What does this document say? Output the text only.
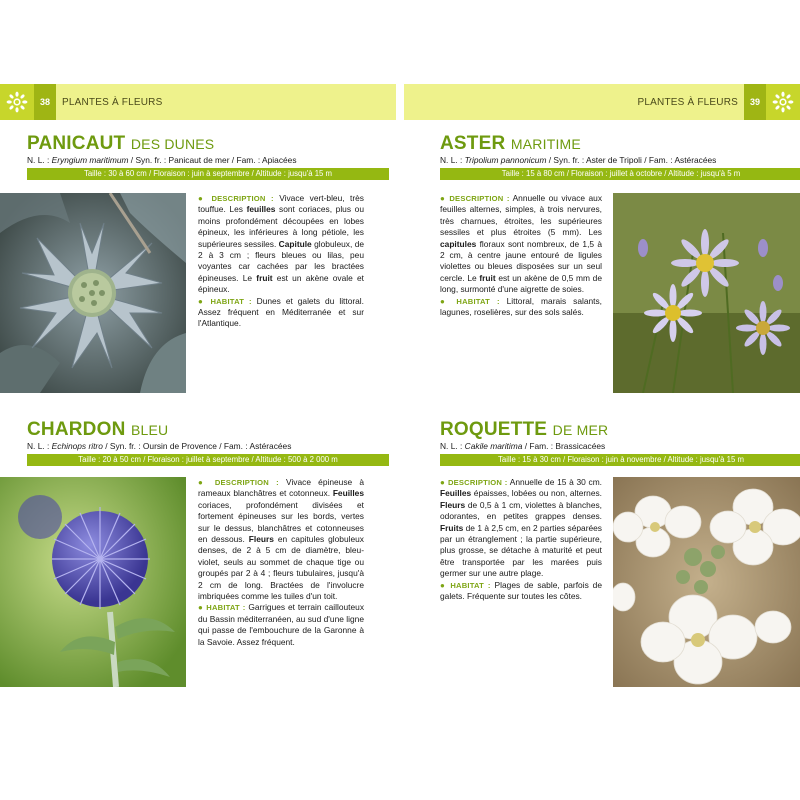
38	PLANTES À FLEURS	PLANTES À FLEURS	39
PANICAUT DES DUNES
N. L. : Eryngium maritimum / Syn. fr. : Panicaut de mer / Fam. : Apiacées
Taille : 30 à 60 cm / Floraison : juin à septembre / Altitude : jusqu'à 15 m

● DESCRIPTION : Vivace vert-bleu, très touffue. Les feuilles sont coriaces, plus ou moins profondément découpées en lobes épineux, les inférieures à long pétiole, les supérieures sessiles. Capitule globuleux, de 2 à 3 cm ; fleurs bleues ou lilas, peu voyantes car cachées par les bractées épineuses. Le fruit est un akène ovale et épineux.

● HABITAT : Dunes et galets du littoral. Assez fréquent en Méditerranée et sur l'Atlantique.

ASTER MARITIME
N. L. : Tripolium pannonicum / Syn. fr. : Aster de Tripoli / Fam. : Astéracées
Taille : 15 à 80 cm / Floraison : juillet à octobre / Altitude : jusqu'à 5 m

● DESCRIPTION : Annuelle ou vivace aux feuilles alternes, simples, à trois nervures, très charnues, étroites, les supérieures sessiles et plus étroites (5 mm). Les capitules floraux sont nombreux, de 1,5 à 2 cm, à centre jaune entouré de ligules violettes ou bleues disposées sur un seul cercle. Le fruit est un akène de 0,5 mm de long, surmonté d'une aigrette de soies.

● HABITAT : Littoral, marais salants, lagunes, roselières, sur des sols salés.

CHARDON BLEU
N. L. : Echinops ritro / Syn. fr. : Oursin de Provence / Fam. : Astéracées
Taille : 20 à 50 cm / Floraison : juillet à septembre / Altitude : 500 à 2 000 m

● DESCRIPTION : Vivace épineuse à rameaux blanchâtres et cotonneux. Feuilles coriaces, profondément divisées et fortement épineuses sur les bords, vertes sur le dessus, blanchâtres et cotonneuses en dessous. Fleurs en capitules globuleux denses, de 2 à 5 cm de diamètre, bleu-violet, seuls au sommet de chaque tige ou groupés par 2 à 4 ; fleurs tubulaires, jusqu'à 2 cm de long. Bractées de l'involucre imbriquées comme les tuiles d'un toit.

● HABITAT : Garrigues et terrain caillouteux du Bassin méditerranéen, au sud d'une ligne qui passe de l'embouchure de la Garonne à la Savoie. Assez fréquent.

ROQUETTE DE MER
N. L. : Cakile maritima / Fam. : Brassicacées
Taille : 15 à 30 cm / Floraison : juin à novembre / Altitude : jusqu'à 15 m

● DESCRIPTION : Annuelle de 15 à 30 cm. Feuilles épaisses, lobées ou non, alternes. Fleurs de 0,5 à 1 cm, violettes à blanches, odorantes, en petites grappes denses. Fruits de 1 à 2,5 cm, en 2 parties séparées par un étranglement ; la partie supérieure, plus grosse, se détache à maturité et peut être transportée par les marées puis germer sur une autre plage.

● HABITAT : Plages de sable, parfois de galets. Fréquente sur toutes les côtes.
